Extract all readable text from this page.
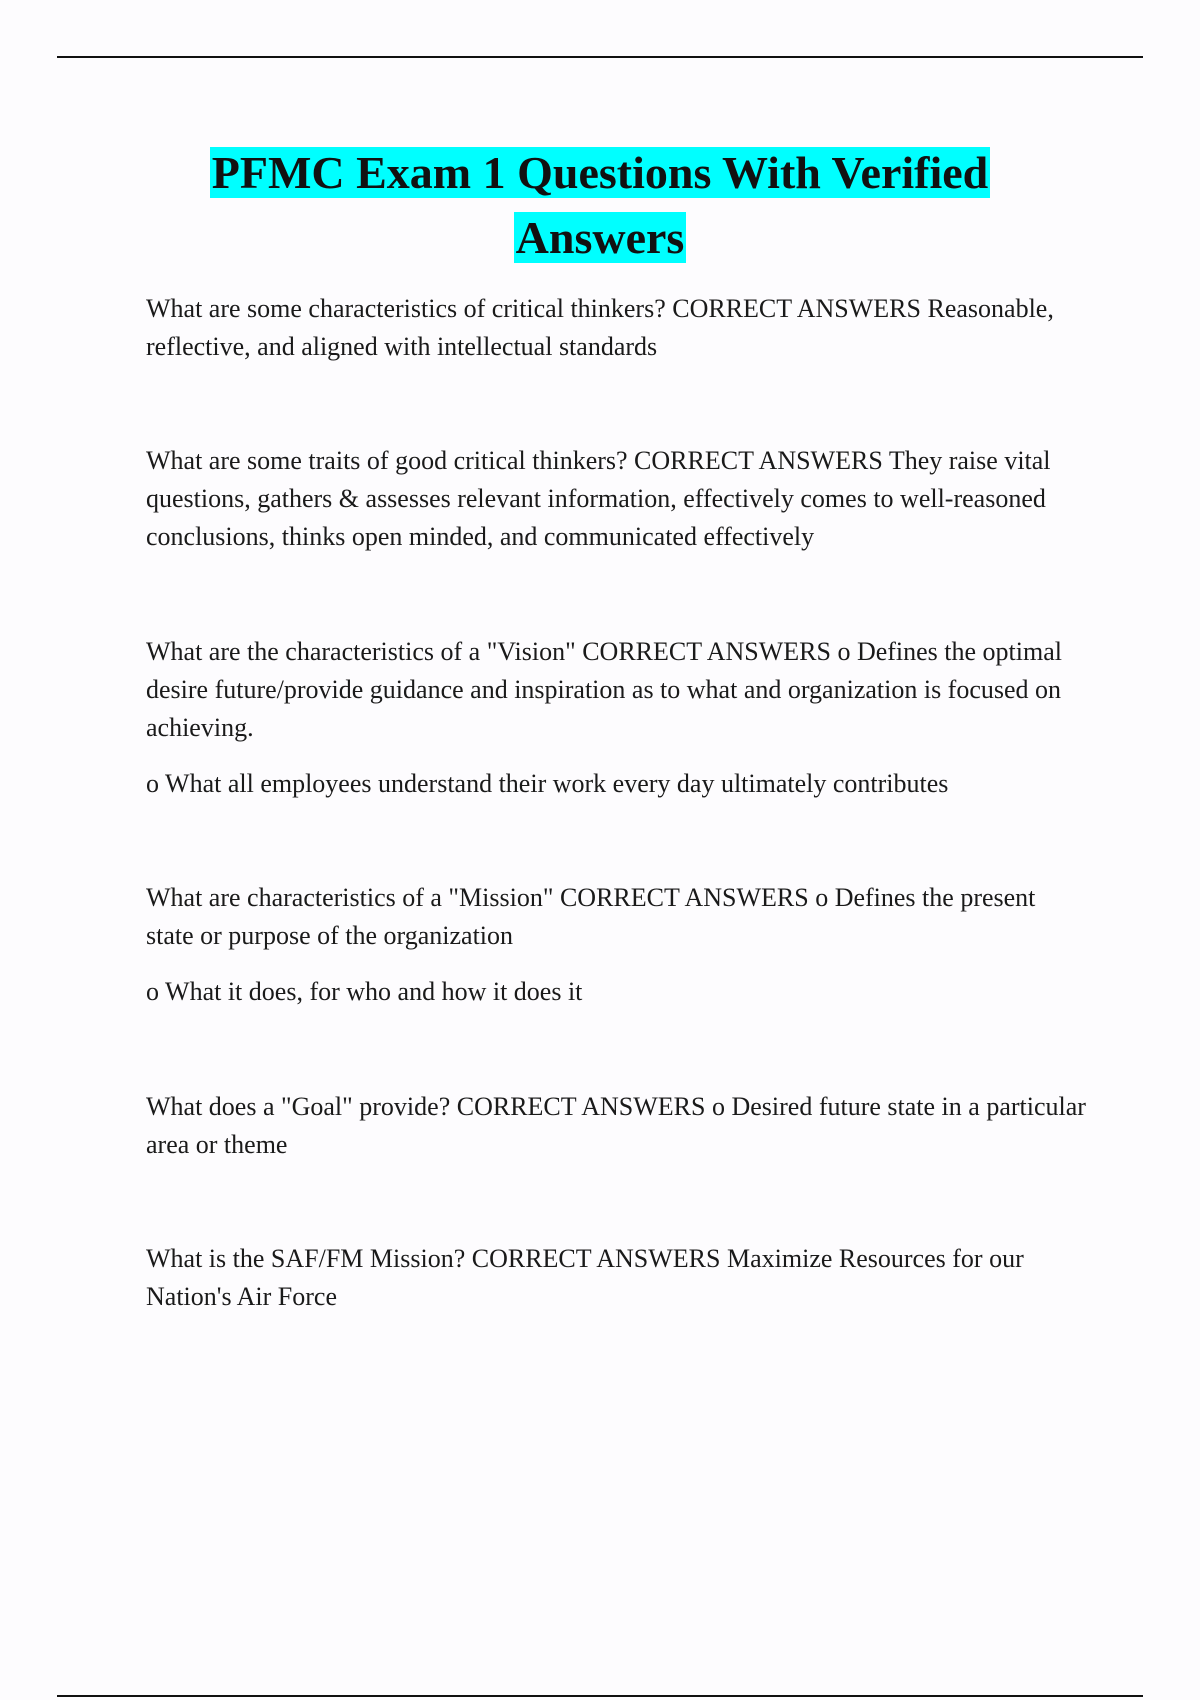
PFMC Exam 1 Questions With Verified
Answers

What are some characteristics of critical thinkers? CORRECT ANSWERS Reasonable, reflective, and aligned with intellectual standards

What are some traits of good critical thinkers? CORRECT ANSWERS They raise vital questions, gathers & assesses relevant information, effectively comes to well-reasoned conclusions, thinks open minded, and communicated effectively

What are the characteristics of a "Vision" CORRECT ANSWERS o Defines the optimal desire future/provide guidance and inspiration as to what and organization is focused on achieving.

o What all employees understand their work every day ultimately contributes

What are characteristics of a "Mission" CORRECT ANSWERS o Defines the present state or purpose of the organization

o What it does, for who and how it does it

What does a "Goal" provide? CORRECT ANSWERS o Desired future state in a particular area or theme

What is the SAF/FM Mission? CORRECT ANSWERS Maximize Resources for our Nation's Air Force
